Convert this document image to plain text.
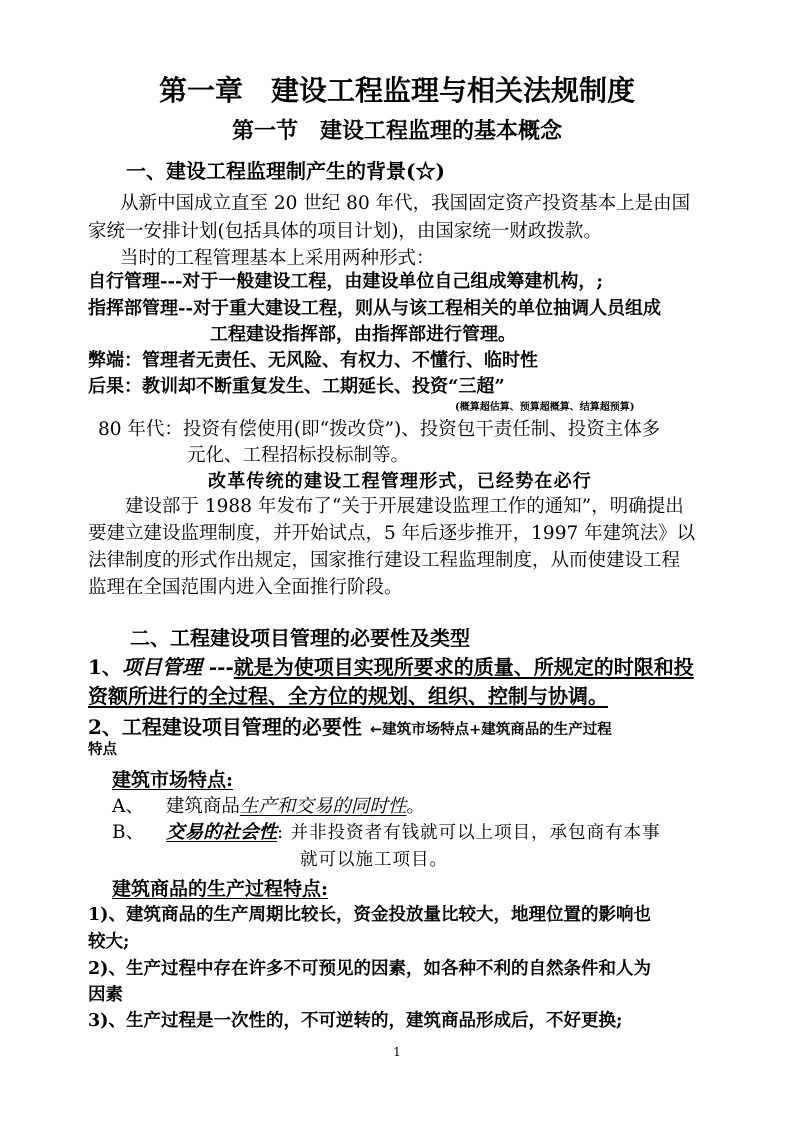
第一章　建设工程监理与相关法规制度
第一节　建设工程监理的基本概念
一、建设工程监理制产生的背景(☆)
从新中国成立直至 20 世纪 80 年代，我国固定资产投资基本上是由国
家统一安排计划(包括具体的项目计划)，由国家统一财政拨款。
当时的工程管理基本上采用两种形式：
自行管理---对于一般建设工程，由建设单位自己组成筹建机构，;
指挥部管理--对于重大建设工程，则从与该工程相关的单位抽调人员组成
工程建设指挥部，由指挥部进行管理。
弊端：管理者无责任、无风险、有权力、不懂行、临时性
后果：教训却不断重复发生、工期延长、投资“三超”
(概算超估算、预算超概算、结算超预算)
80 年代：投资有偿使用(即“拨改贷”)、投资包干责任制、投资主体多
元化、工程招标投标制等。
改革传统的建设工程管理形式，已经势在必行
建设部于 1988 年发布了“关于开展建设监理工作的通知”，明确提出
要建立建设监理制度，并开始试点，5 年后逐步推开，1997 年建筑法》以
法律制度的形式作出规定，国家推行建设工程监理制度，从而使建设工程
监理在全国范围内进入全面推行阶段。
二、工程建设项目管理的必要性及类型
1、项目管理 ---就是为使项目实现所要求的质量、所规定的时限和投
资额所进行的全过程、全方位的规划、组织、控制与协调。
2、工程建设项目管理的必要性 ←建筑市场特点+建筑商品的生产过程
特点
建筑市场特点:
A、 建筑商品生产和交易的同时性。
B、 交易的社会性: 并非投资者有钱就可以上项目，承包商有本事
就可以施工项目。
建筑商品的生产过程特点:
1)、建筑商品的生产周期比较长，资金投放量比较大，地理位置的影响也
较大;
2)、生产过程中存在许多不可预见的因素，如各种不利的自然条件和人为
因素
3)、生产过程是一次性的，不可逆转的，建筑商品形成后，不好更换;
1
